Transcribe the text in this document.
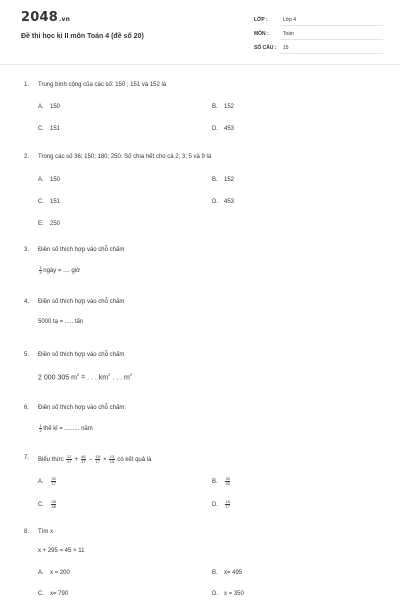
2048.vn
Đề thi học kì II môn Toán 4 (đề số 20)
LỚP :	Lớp 4
MÔN :	Toán
SỐ CÂU :	15
1. Trung bình cộng của các số: 150 ; 151 và 152 là
A. 150	B. 152
C. 151	D. 453
2. Trong các số 36; 150; 180; 250. Số chia hết cho cả 2; 3; 5 và 9 là
A. 150	B. 152
C. 151	D. 453
E. 250
3. Điền số thích hợp vào chỗ chấm
$\frac{1}{4}$ ngày = .... giờ
4. Điền số thích hợp vào chỗ chấm
5000 tạ = ..... tấn
5. Điền số thích hợp vào chỗ chấm
2 000 305 $m^2$ = . . . $km^2$ . . . $m^2$
6. Điền số thích hợp vào chỗ chấm:
$\frac{1}{2}$ thế kỉ = ......... năm
7. Biểu thức $\frac{12}{17} + \frac{46}{17} - \frac{15}{17} \times \frac{13}{15}$ có kết quả là
A. $\frac{32}{17}$	B. $\frac{30}{33}$
C. $\frac{28}{45}$	D. $\frac{15}{17}$
8. Tìm x
x + 295 = 45 × 11
A. x = 200	B. x= 495
C. x= 790	D. x = 350
